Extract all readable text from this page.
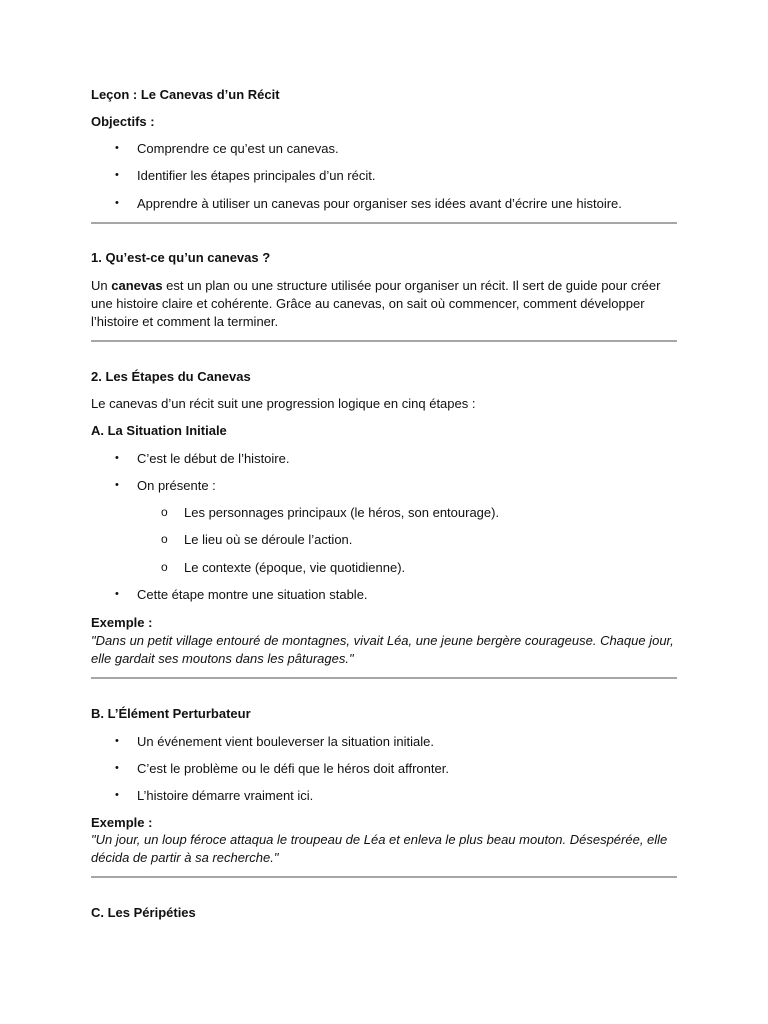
Leçon : Le Canevas d’un Récit
Objectifs :
• Comprendre ce qu’est un canevas.
• Identifier les étapes principales d’un récit.
• Apprendre à utiliser un canevas pour organiser ses idées avant d’écrire une histoire.
1. Qu’est-ce qu’un canevas ?
Un canevas est un plan ou une structure utilisée pour organiser un récit. Il sert de guide pour créer une histoire claire et cohérente. Grâce au canevas, on sait où commencer, comment développer l’histoire et comment la terminer.
2. Les Étapes du Canevas
Le canevas d’un récit suit une progression logique en cinq étapes :
A. La Situation Initiale
• C’est le début de l’histoire.
• On présente :
o Les personnages principaux (le héros, son entourage).
o Le lieu où se déroule l’action.
o Le contexte (époque, vie quotidienne).
• Cette étape montre une situation stable.
Exemple :
"Dans un petit village entouré de montagnes, vivait Léa, une jeune bergère courageuse. Chaque jour, elle gardait ses moutons dans les pâturages."
B. L’Élément Perturbateur
• Un événement vient bouleverser la situation initiale.
• C’est le problème ou le défi que le héros doit affronter.
• L’histoire démarre vraiment ici.
Exemple :
"Un jour, un loup féroce attaqua le troupeau de Léa et enleva le plus beau mouton. Désespérée, elle décida de partir à sa recherche."
C. Les Péripéties
